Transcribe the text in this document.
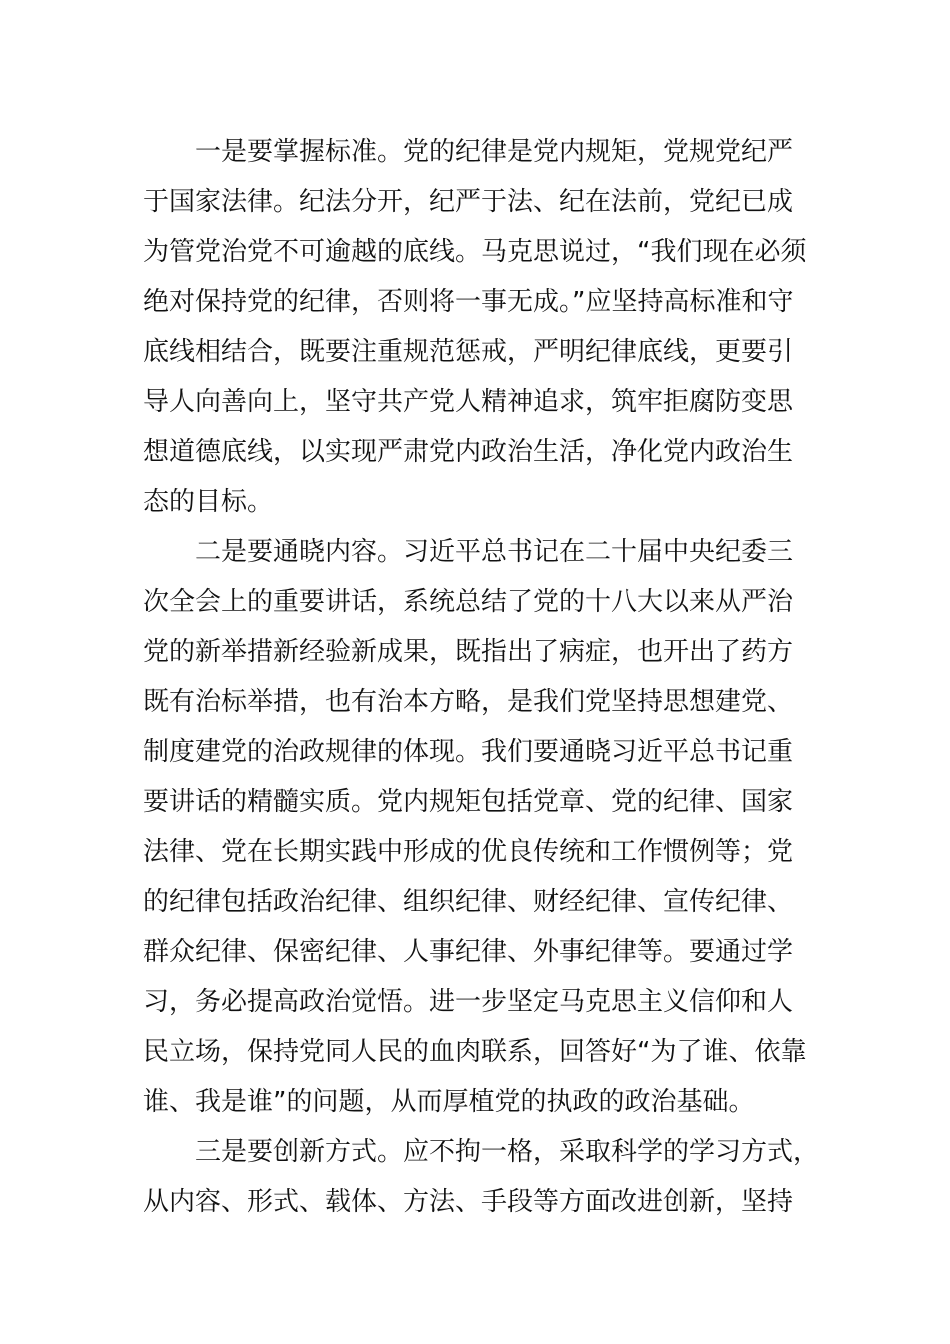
一是要掌握标准。党的纪律是党内规矩，党规党纪严
于国家法律。纪法分开，纪严于法、纪在法前，党纪已成
为管党治党不可逾越的底线。马克思说过，“我们现在必须
绝对保持党的纪律，否则将一事无成。”应坚持高标准和守
底线相结合，既要注重规范惩戒，严明纪律底线，更要引
导人向善向上，坚守共产党人精神追求，筑牢拒腐防变思
想道德底线，以实现严肃党内政治生活，净化党内政治生
态的目标。
二是要通晓内容。习近平总书记在二十届中央纪委三
次全会上的重要讲话，系统总结了党的十八大以来从严治
党的新举措新经验新成果，既指出了病症，也开出了药方
既有治标举措，也有治本方略，是我们党坚持思想建党、
制度建党的治政规律的体现。我们要通晓习近平总书记重
要讲话的精髓实质。党内规矩包括党章、党的纪律、国家
法律、党在长期实践中形成的优良传统和工作惯例等；党
的纪律包括政治纪律、组织纪律、财经纪律、宣传纪律、
群众纪律、保密纪律、人事纪律、外事纪律等。要通过学
习，务必提高政治觉悟。进一步坚定马克思主义信仰和人
民立场，保持党同人民的血肉联系，回答好“为了谁、依靠
谁、我是谁”的问题，从而厚植党的执政的政治基础。
三是要创新方式。应不拘一格，采取科学的学习方式，
从内容、形式、载体、方法、手段等方面改进创新，坚持
